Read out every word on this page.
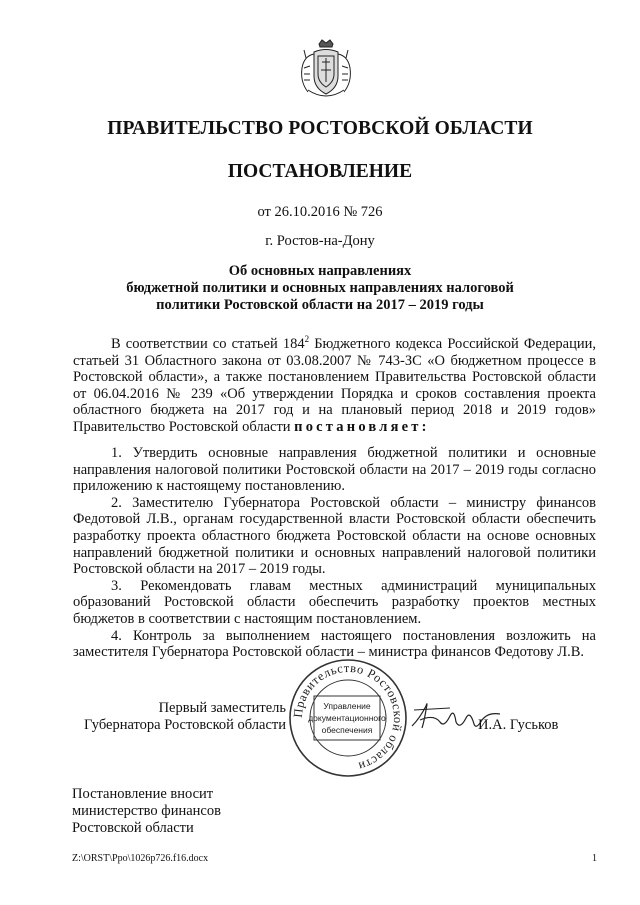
ПРАВИТЕЛЬСТВО РОСТОВСКОЙ ОБЛАСТИ
ПОСТАНОВЛЕНИЕ
от 26.10.2016 № 726
г. Ростов-на-Дону
Об основных направлениях
бюджетной политики и основных направлениях налоговой
политики Ростовской области на 2017 – 2019 годы

В соответствии со статьей $184^2$ Бюджетного кодекса Российской Федерации, статьей 31 Областного закона от 03.08.2007 № 743-ЗС «О бюджетном процессе в Ростовской области», а также постановлением Правительства Ростовской области от 06.04.2016 № 239 «Об утверждении Порядка и сроков составления проекта областного бюджета на 2017 год и на плановый период 2018 и 2019 годов» Правительство Ростовской области постановляет:

1. Утвердить основные направления бюджетной политики и основные направления налоговой политики Ростовской области на 2017 – 2019 годы согласно приложению к настоящему постановлению.

2. Заместителю Губернатора Ростовской области – министру финансов Федотовой Л.В., органам государственной власти Ростовской области обеспечить разработку проекта областного бюджета Ростовской области на основе основных направлений бюджетной политики и основных направлений налоговой политики Ростовской области на 2017 – 2019 годы.

3. Рекомендовать главам местных администраций муниципальных образований Ростовской области обеспечить разработку проектов местных бюджетов в соответствии с настоящим постановлением.

4. Контроль за выполнением настоящего постановления возложить на заместителя Губернатора Ростовской области – министра финансов Федотову Л.В.

Первый заместитель
Губернатора Ростовской области
Правительство Ростовской области
Управление
документационного
обеспечения	И.А. Гуськов
Постановление вносит
министерство финансов
Ростовской области
Z:\ORST\Ppo\1026p726.f16.docx	1
